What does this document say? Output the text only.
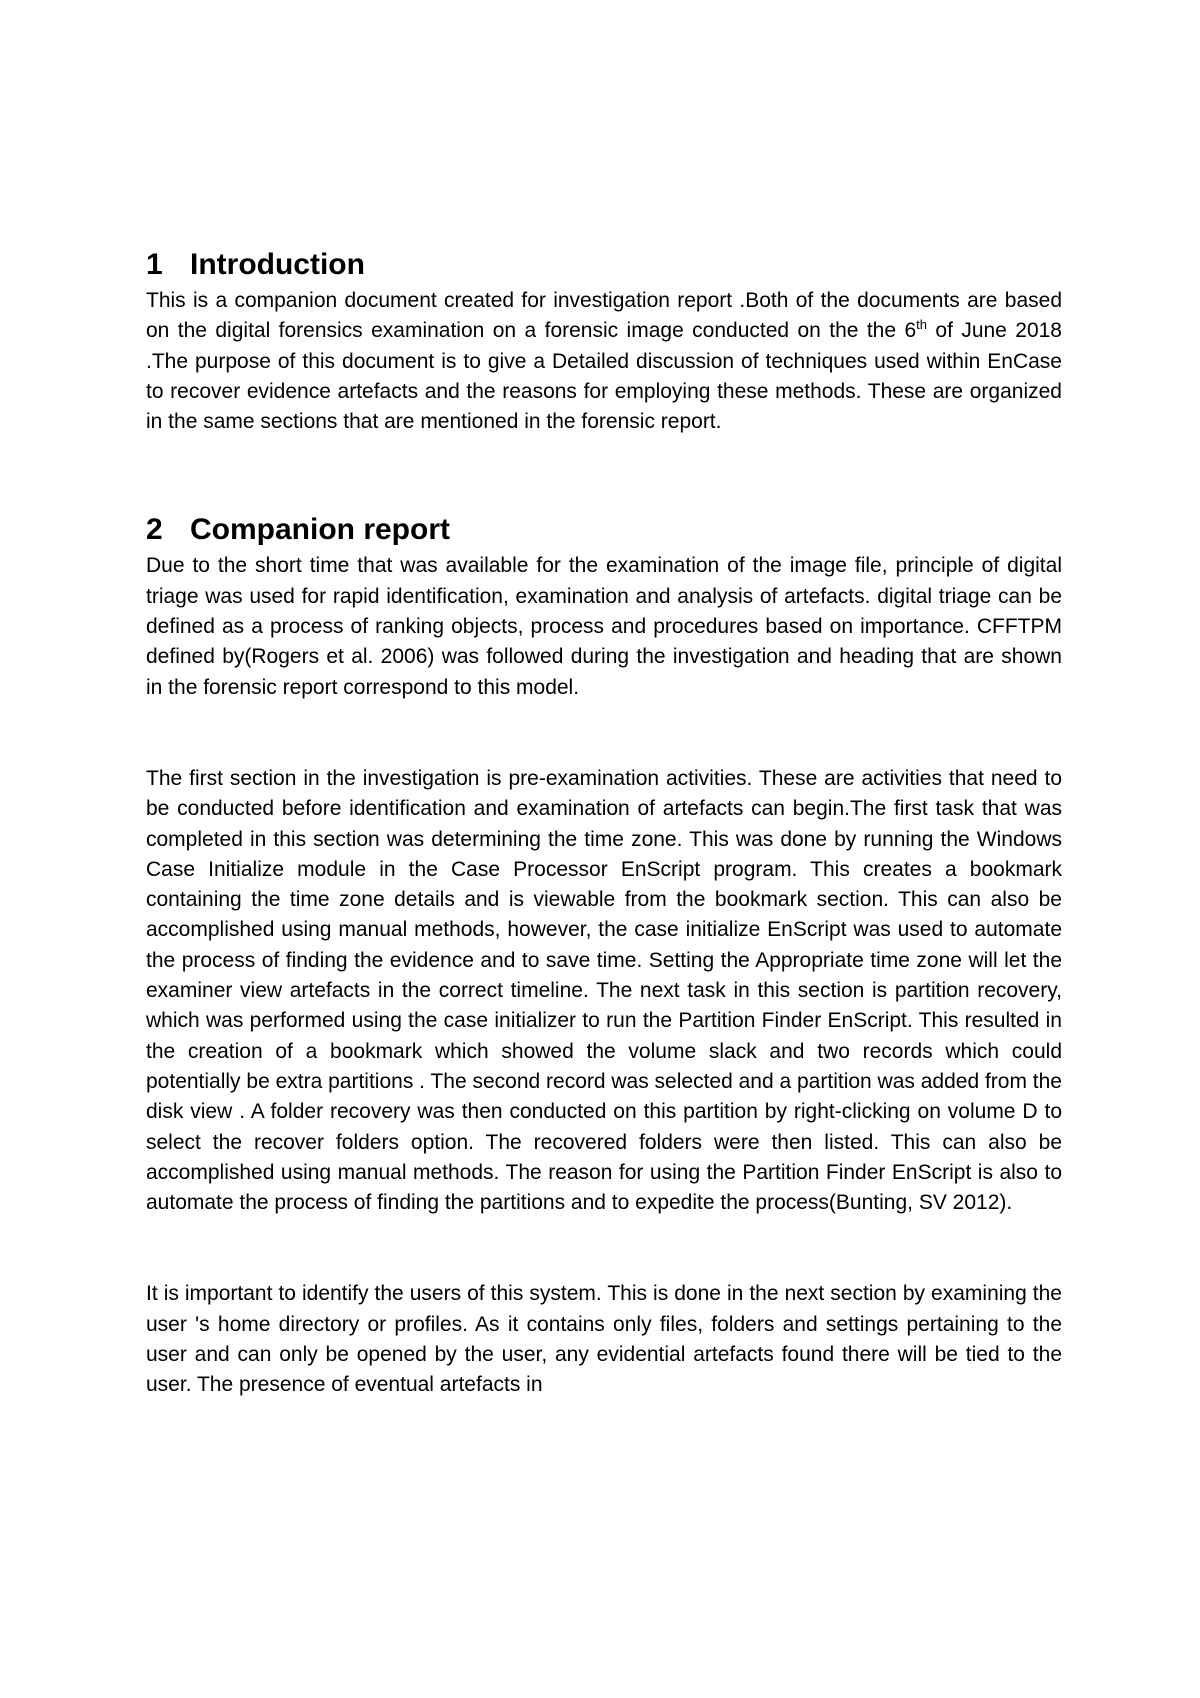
1 Introduction

This is a companion document created for investigation report .Both of the documents are based on the digital forensics examination on a forensic image conducted on the the 6th of June 2018 .The purpose of this document is to give a Detailed discussion of techniques used within EnCase to recover evidence artefacts and the reasons for employing these methods. These are organized in the same sections that are mentioned in the forensic report.

2 Companion report

Due to the short time that was available for the examination of the image file, principle of digital triage was used for rapid identification, examination and analysis of artefacts. digital triage can be defined as a process of ranking objects, process and procedures based on importance. CFFTPM defined by(Rogers et al. 2006) was followed during the investigation and heading that are shown in the forensic report correspond to this model.

The first section in the investigation is pre-examination activities. These are activities that need to be conducted before identification and examination of artefacts can begin.The first task that was completed in this section was determining the time zone. This was done by running the Windows Case Initialize module in the Case Processor EnScript program. This creates a bookmark containing the time zone details and is viewable from the bookmark section. This can also be accomplished using manual methods, however, the case initialize EnScript was used to automate the process of finding the evidence and to save time. Setting the Appropriate time zone will let the examiner view artefacts in the correct timeline. The next task in this section is partition recovery, which was performed using the case initializer to run the Partition Finder EnScript. This resulted in the creation of a bookmark which showed the volume slack and two records which could potentially be extra partitions . The second record was selected and a partition was added from the disk view . A folder recovery was then conducted on this partition by right-clicking on volume D to select the recover folders option. The recovered folders were then listed. This can also be accomplished using manual methods. The reason for using the Partition Finder EnScript is also to automate the process of finding the partitions and to expedite the process(Bunting, SV 2012).

It is important to identify the users of this system. This is done in the next section by examining the user 's home directory or profiles. As it contains only files, folders and settings pertaining to the user and can only be opened by the user, any evidential artefacts found there will be tied to the user. The presence of eventual artefacts in
